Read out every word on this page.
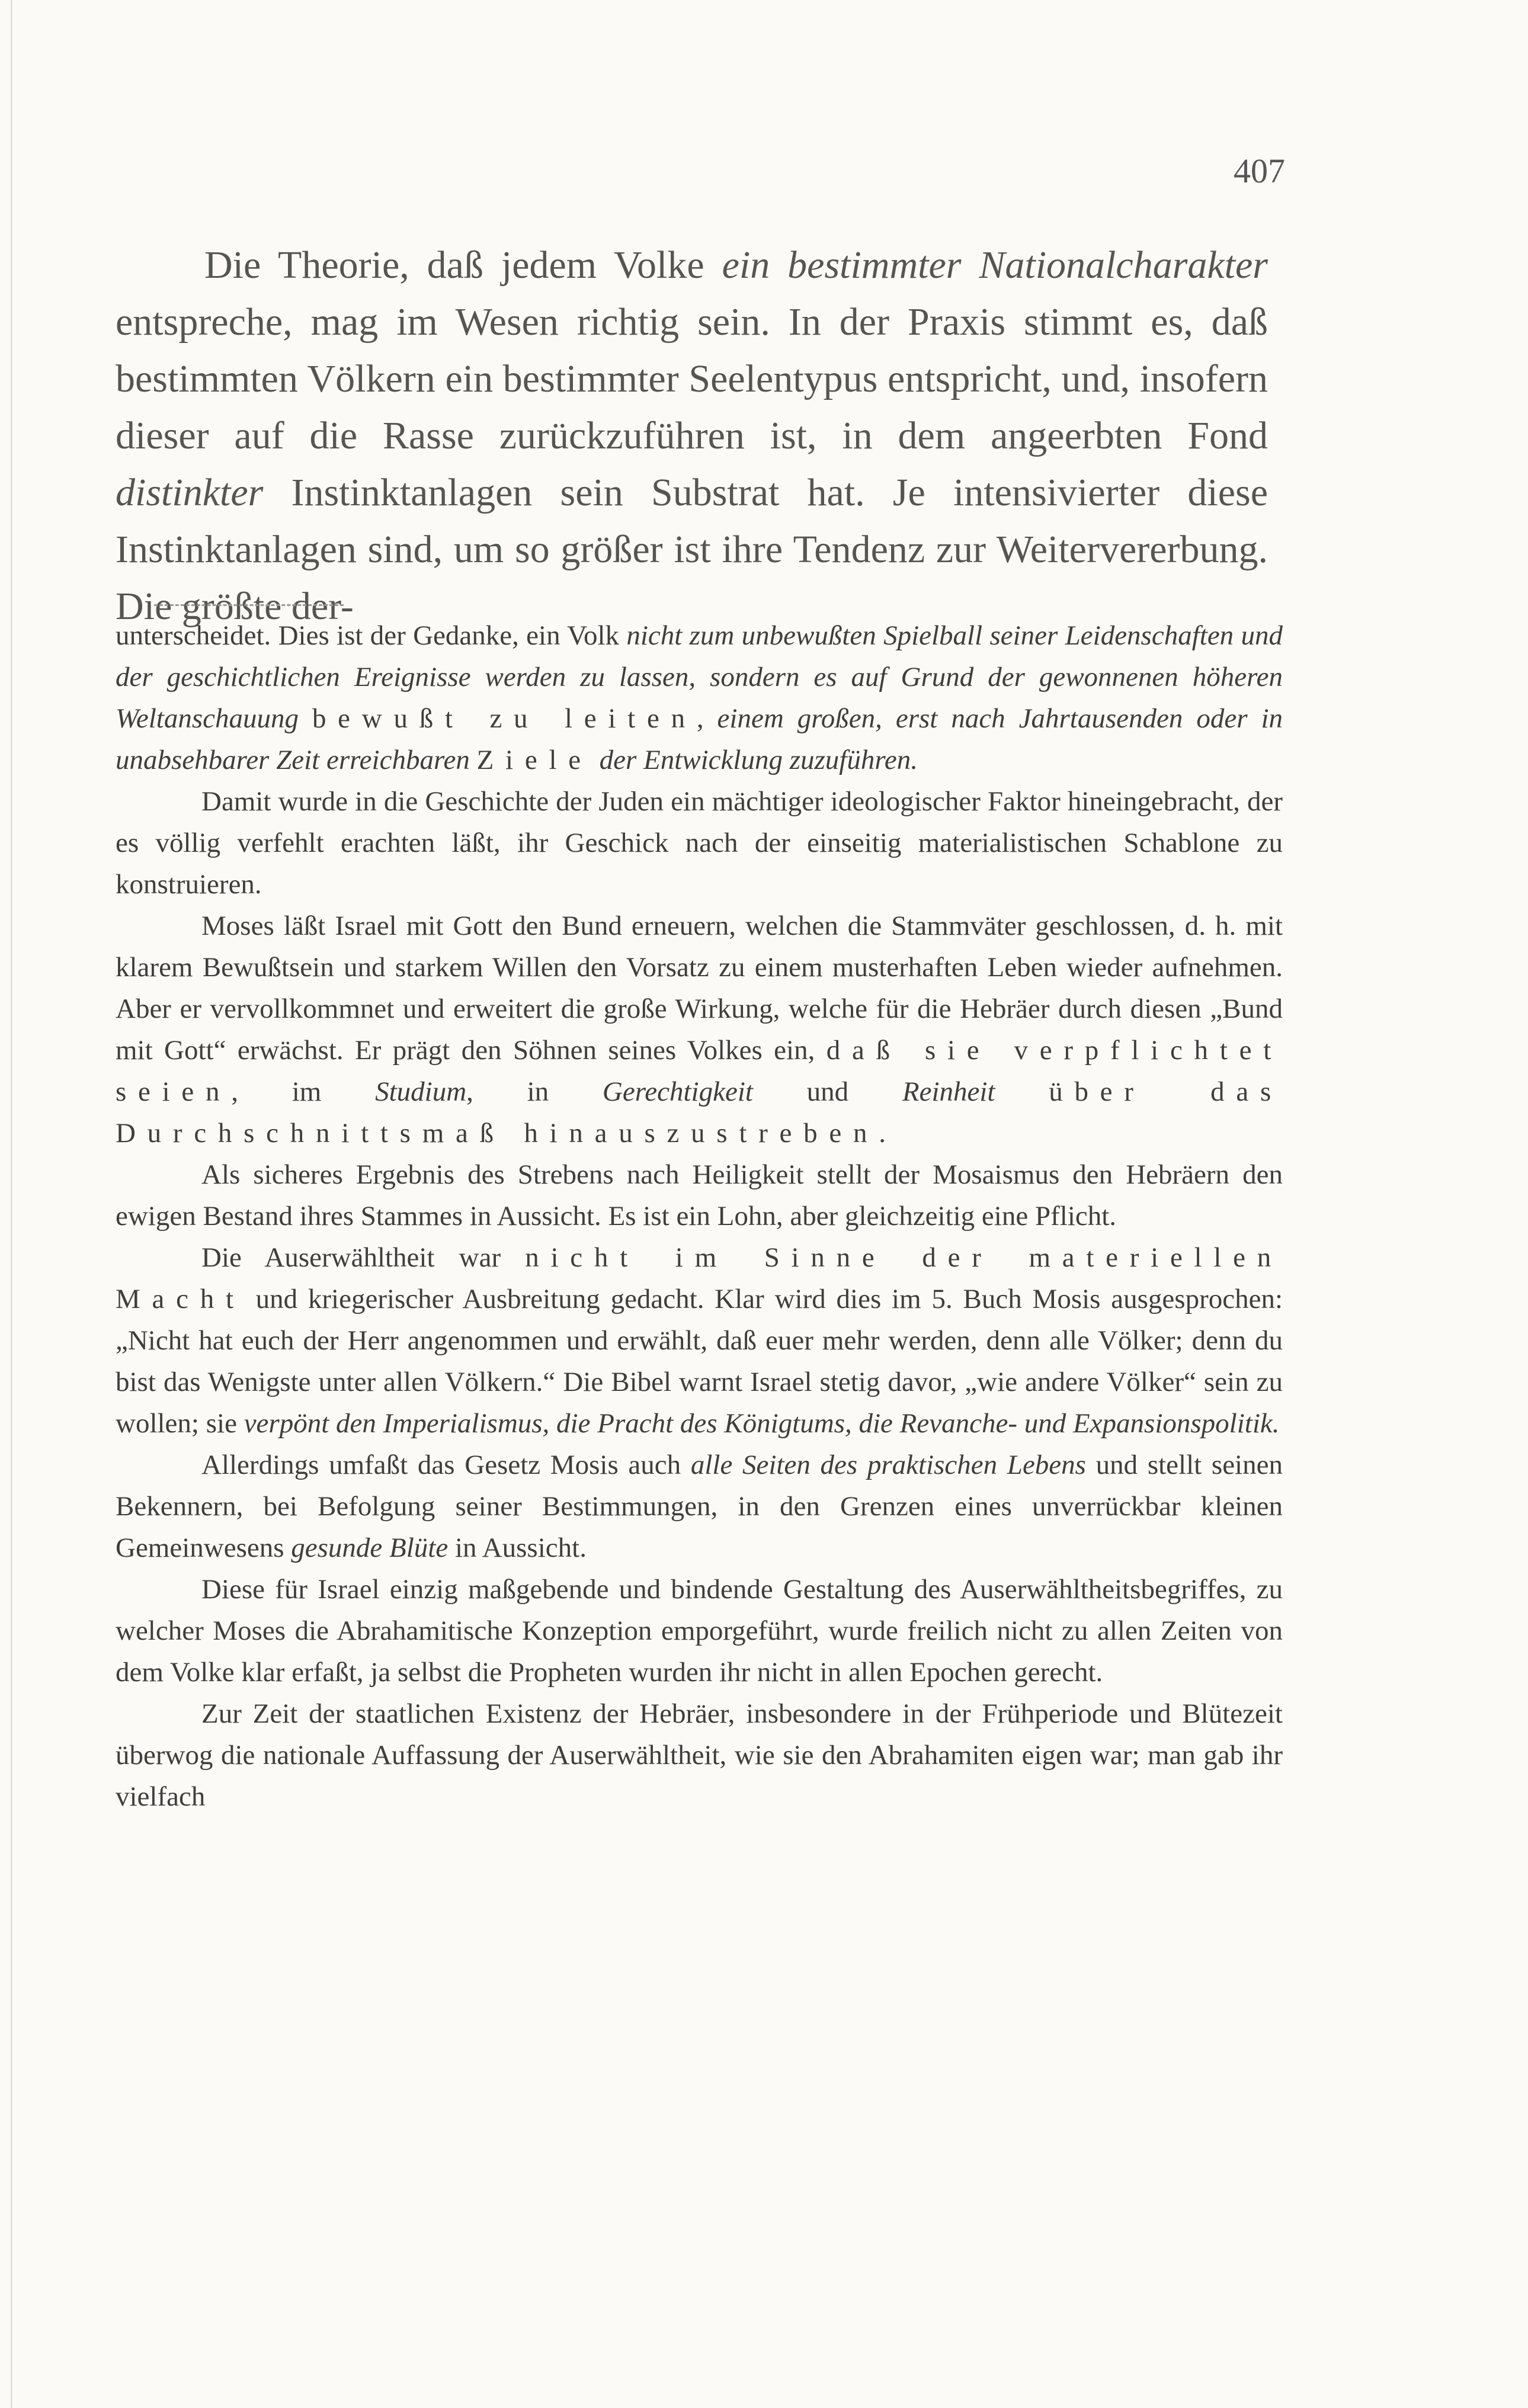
407

Die Theorie, daß jedem Volke ein bestimmter Nationalcharakter entspreche, mag im Wesen richtig sein. In der Praxis stimmt es, daß bestimmten Völkern ein bestimmter Seelentypus entspricht, und, insofern dieser auf die Rasse zurückzuführen ist, in dem angeerbten Fond distinkter Instinktanlagen sein Substrat hat. Je intensivierter diese Instinktanlagen sind, um so größer ist ihre Tendenz zur Weitervererbung. Die größte der-

unterscheidet. Dies ist der Gedanke, ein Volk nicht zum unbewußten Spielball seiner Leidenschaften und der geschichtlichen Ereignisse werden zu lassen, sondern es auf Grund der gewonnenen höheren Weltanschauung bewußt zu leiten, einem großen, erst nach Jahrtausenden oder in unabsehbarer Zeit erreichbaren Ziele der Entwicklung zuzuführen.

Damit wurde in die Geschichte der Juden ein mächtiger ideologischer Faktor hineingebracht, der es völlig verfehlt erachten läßt, ihr Geschick nach der einseitig materialistischen Schablone zu konstruieren.

Moses läßt Israel mit Gott den Bund erneuern, welchen die Stammväter geschlossen, d. h. mit klarem Bewußtsein und starkem Willen den Vorsatz zu einem musterhaften Leben wieder aufnehmen. Aber er vervollkommnet und erweitert die große Wirkung, welche für die Hebräer durch diesen „Bund mit Gott“ erwächst. Er prägt den Söhnen seines Volkes ein, daß sie verpflichtet seien, im Studium, in Gerechtigkeit und Reinheit über das Durchschnittsmaß hinauszustreben.

Als sicheres Ergebnis des Strebens nach Heiligkeit stellt der Mosaismus den Hebräern den ewigen Bestand ihres Stammes in Aussicht. Es ist ein Lohn, aber gleichzeitig eine Pflicht.

Die Auserwähltheit war nicht im Sinne der materiellen Macht und kriegerischer Ausbreitung gedacht. Klar wird dies im 5. Buch Mosis ausgesprochen: „Nicht hat euch der Herr angenommen und erwählt, daß euer mehr werden, denn alle Völker; denn du bist das Wenigste unter allen Völkern.“ Die Bibel warnt Israel stetig davor, „wie andere Völker“ sein zu wollen; sie verpönt den Imperialismus, die Pracht des Königtums, die Revanche- und Expansionspolitik.

Allerdings umfaßt das Gesetz Mosis auch alle Seiten des praktischen Lebens und stellt seinen Bekennern, bei Befolgung seiner Bestimmungen, in den Grenzen eines unverrückbar kleinen Gemeinwesens gesunde Blüte in Aussicht.

Diese für Israel einzig maßgebende und bindende Gestaltung des Auserwähltheitsbegriffes, zu welcher Moses die Abrahamitische Konzeption emporgeführt, wurde freilich nicht zu allen Zeiten von dem Volke klar erfaßt, ja selbst die Propheten wurden ihr nicht in allen Epochen gerecht.

Zur Zeit der staatlichen Existenz der Hebräer, insbesondere in der Frühperiode und Blütezeit überwog die nationale Auffassung der Auserwähltheit, wie sie den Abrahamiten eigen war; man gab ihr vielfach
